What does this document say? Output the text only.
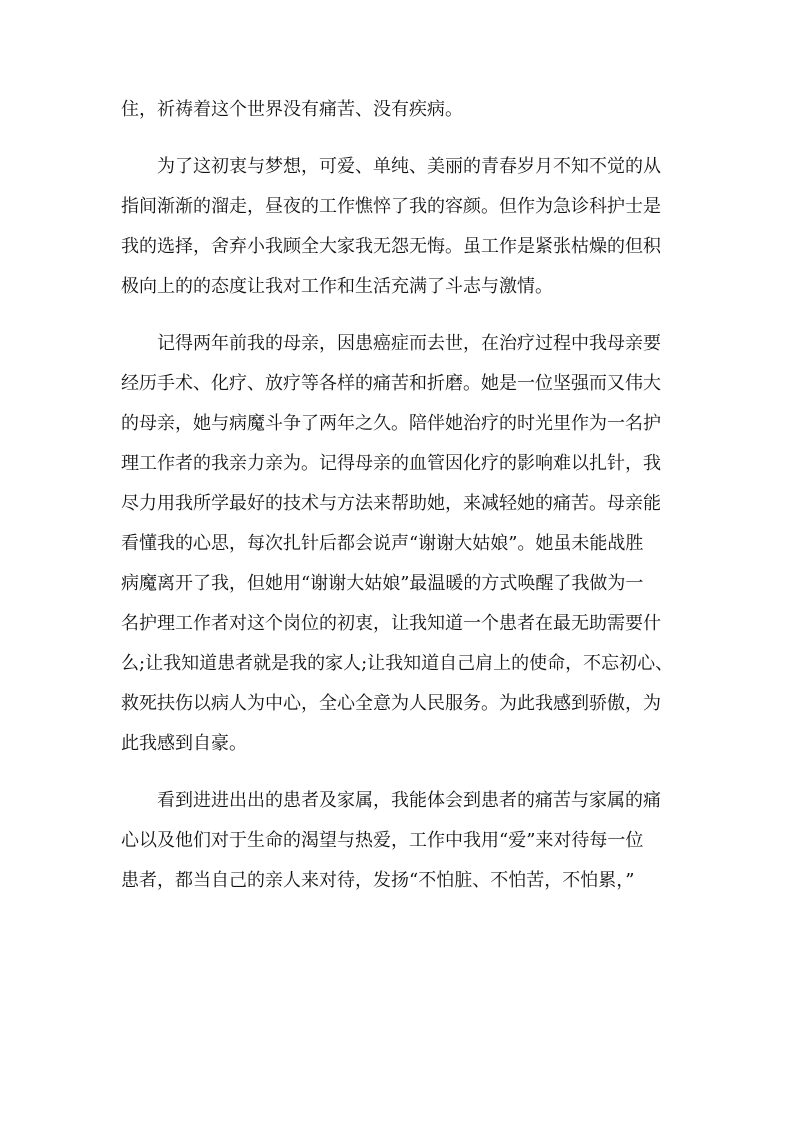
住，祈祷着这个世界没有痛苦、没有疾病。
为了这初衷与梦想，可爱、单纯、美丽的青春岁月不知不觉的从
指间渐渐的溜走，昼夜的工作憔悴了我的容颜。但作为急诊科护士是
我的选择，舍弃小我顾全大家我无怨无悔。虽工作是紧张枯燥的但积
极向上的的态度让我对工作和生活充满了斗志与激情。
记得两年前我的母亲，因患癌症而去世，在治疗过程中我母亲要
经历手术、化疗、放疗等各样的痛苦和折磨。她是一位坚强而又伟大
的母亲，她与病魔斗争了两年之久。陪伴她治疗的时光里作为一名护
理工作者的我亲力亲为。记得母亲的血管因化疗的影响难以扎针，我
尽力用我所学最好的技术与方法来帮助她，来减轻她的痛苦。母亲能
看懂我的心思，每次扎针后都会说声“谢谢大姑娘”。她虽未能战胜
病魔离开了我，但她用“谢谢大姑娘”最温暖的方式唤醒了我做为一
名护理工作者对这个岗位的初衷，让我知道一个患者在最无助需要什
么;让我知道患者就是我的家人;让我知道自己肩上的使命，不忘初心、
救死扶伤以病人为中心，全心全意为人民服务。为此我感到骄傲，为
此我感到自豪。
看到进进出出的患者及家属，我能体会到患者的痛苦与家属的痛
心以及他们对于生命的渴望与热爱，工作中我用“爱”来对待每一位
患者，都当自己的亲人来对待，发扬“不怕脏、不怕苦，不怕累，”
